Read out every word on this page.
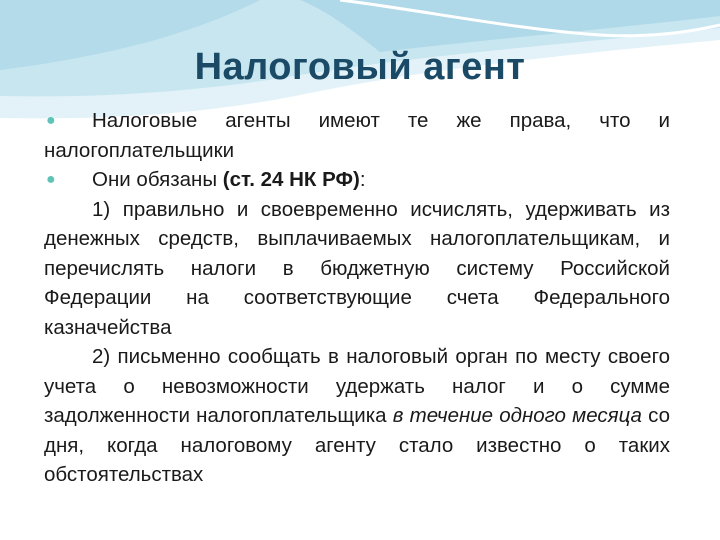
Налоговый агент

● Налоговые агенты имеют те же права, что и налогоплательщики

● Они обязаны (ст. 24 НК РФ):

1) правильно и своевременно исчислять, удерживать из денежных средств, выплачиваемых налогоплательщикам, и перечислять налоги в бюджетную систему Российской Федерации на соответствующие счета Федерального казначейства

2) письменно сообщать в налоговый орган по месту своего учета о невозможности удержать налог и о сумме задолженности налогоплательщика в течение одного месяца со дня, когда налоговому агенту стало известно о таких обстоятельствах
